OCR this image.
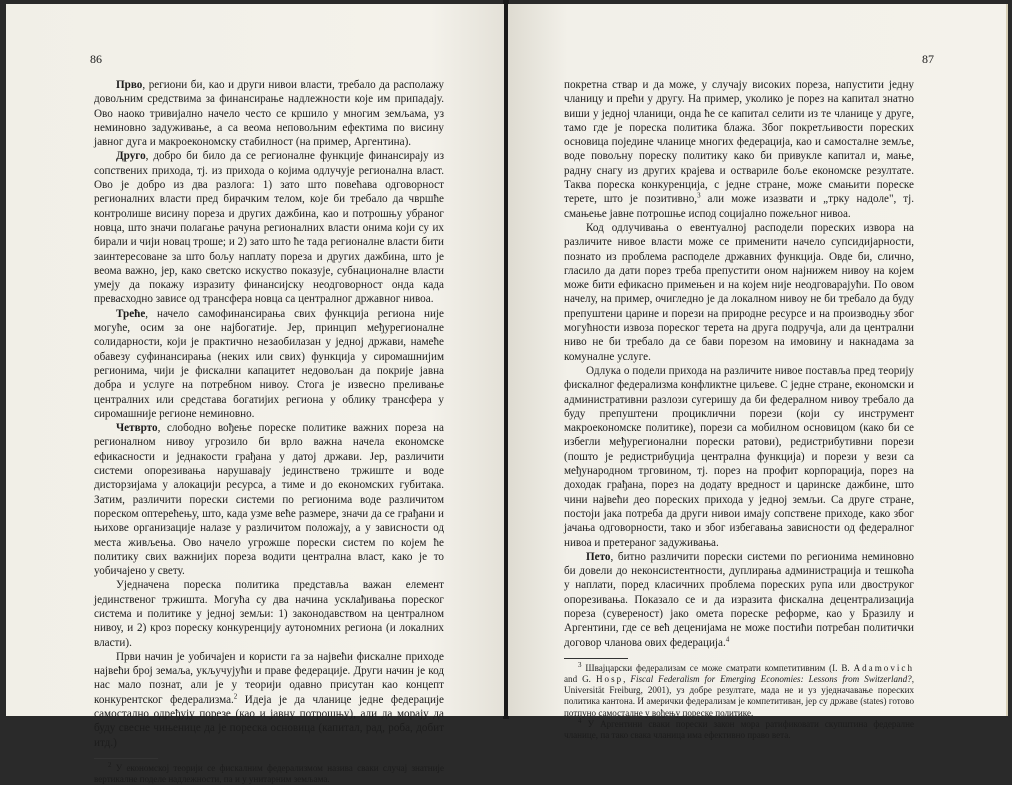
86

Прво, региони би, као и други нивои власти, требало да располажу довољним средствима за финансирање надлежности које им припадају. Ово наоко тривијално начело често се кршило у многим земљама, уз неминовно задуживање, а са веома неповољним ефектима по висину јавног дуга и макроекономску стабилност (на пример, Аргентина).

Друго, добро би било да се регионалне функције финансирају из сопствених прихода, тј. из прихода о којима одлучује регионална власт. Ово је добро из два разлога: 1) зато што повећава одговорност регионалних власти пред бирачким телом, које би требало да чвршће контролише висину пореза и других дажбина, као и потрошњу убраног новца, што значи полагање рачуна регионалних власти онима који су их бирали и чији новац троше; и 2) зато што ће тада регионалне власти бити заинтересоване за што бољу наплату пореза и других дажбина, што је веома важно, јер, како светско искуство показује, субнационалне власти умеју да покажу изразиту финансијску неодговорност онда када превасходно зависе од трансфера новца са централног државног нивоа.

Треће, начело самофинансирања свих функција региона није могуће, осим за оне најбогатије. Јер, принцип међурегионалне солидарности, који је практично незаобилазан у једној држави, намеће обавезу суфинансирања (неких или свих) функција у сиромашнијим регионима, чији је фискални капацитет недовољан да покрије јавна добра и услуге на потребном нивоу. Стога је извесно преливање централних или средстава богатијих региона у облику трансфера у сиромашније регионе неминовно.

Четврто, слободно вођење пореске политике важних пореза на регионалном нивоу угрозило би врло важна начела економске ефикасности и једнакости грађана у датој држави. Јер, различити системи опорезивања нарушавају јединствено тржиште и воде дисторзијама у алокацији ресурса, а тиме и до економских губитака. Затим, различити порески системи по регионима воде различитом пореском оптерећењу, што, када узме веће размере, значи да се грађани и њихове организације налазе у различитом положају, а у зависности од места живљења. Ово начело угрожше порески систем по којем ће политику свих важнијих пореза водити централна власт, како је то уобичајено у свету.

Уједначена пореска политика представља важан елемент јединственог тржишта. Могућа су два начина усклађивања пореског система и политике у једној земљи: 1) законодавством на централном нивоу, и 2) кроз пореску конкуренцију аутономних региона (и локалних власти).

Први начин је уобичајен и користи га за највећи фискалне приходе највећи број земаља, укључујући и праве федерације. Други начин је код нас мало познат, али је у теорији одавно присутан као концепт конкурентског федерализма.$^2$ Идеја је да чланице једне федерације самостално одређују порезе (као и јавну потрошњу), али да морају да буду свесне чињенице да је пореска основица (капитал, рад, роба, добит итд.)

$^2$ У економској теорији се фискалним федерализмом назива сваки случај знатније вертикалне поделе надлежности, па и у унитарним земљама.

87

покретна ствар и да може, у случају високих пореза, напустити једну чланицу и прећи у другу. На пример, уколико је порез на капитал знатно виши у једној чланици, онда ће се капитал селити из те чланице у друге, тамо где је пореска политика блажа. Због покретљивости пореских основица поједине чланице многих федерација, као и самосталне земље, воде повољну пореску политику како би привукле капитал и, мање, радну снагу из других крајева и оствариле боље економске резултате. Таква пореска конкуренција, с једне стране, може смањити пореске терете, што је позитивно,$^3$ али може изазвати и „трку надоле", тј. смањење јавне потрошње испод социјално пожељног нивоа.

Код одлучивања о евентуалној расподели пореских извора на различите нивое власти може се применити начело супсидијарности, познато из проблема расподеле државних функција. Овде би, слично, гласило да дати порез треба препустити оном најнижем нивоу на којем може бити ефикасно примењен и на којем није неодговарајући. По овом начелу, на пример, очигледно је да локалном нивоу не би требало да буду препуштени царине и порези на природне ресурсе и на производњу због могућности извоза пореског терета на друга подручја, али да централни ниво не би требало да се бави порезом на имовину и накнадама за комуналне услуге.

Одлука о подели прихода на различите нивое поставља пред теорију фискалног федерализма конфликтне циљеве. С једне стране, економски и административни разлози сугеришу да би федералном нивоу требало да буду препуштени проциклични порези (који су инструмент макроекономске политике), порези са мобилном основицом (како би се избегли међурегионални порески ратови), редистрибутивни порези (пошто је редистрибуција централна функција) и порези у вези са међународном трговином, тј. порез на профит корпорација, порез на доходак грађана, порез на додату вредност и царинске дажбине, што чини највећи део пореских прихода у једној земљи. Са друге стране, постоји јака потреба да други нивои имају сопствене приходе, како због јачања одговорности, тако и због избегавања зависности од федералног нивоа и претераног задуживања.

Пето, битно различити порески системи по регионима неминовно би довели до неконсистентности, дуплирања администрација и тешкоћа у наплати, поред класичних проблема пореских рупа или двоструког опорезивања. Показало се и да изразита фискална децентрализација пореза (сувереност) јако омета пореске реформе, као у Бразилу и Аргентини, где се већ деценијама не може постићи потребан политички договор чланова ових федерација.$^4$

$^3$ Швајцарски федерализам се може сматрати компетитивним (I. B. Adamovich and G. Hosp, Fiscal Federalism for Emerging Economies: Lessons from Switzerland?, Universität Freiburg, 2001), уз добре резултате, мада не и уз уједначавање пореских политика кантона. И амерички федерализам је компетитиван, јер су државе (states) готово потпуно самосталне у вођењу пореске политике.

$^4$ У Аргентини сваки порески закон мора ратификовати скупштина федералне чланице, па тако свака чланица има ефективно право вета.
